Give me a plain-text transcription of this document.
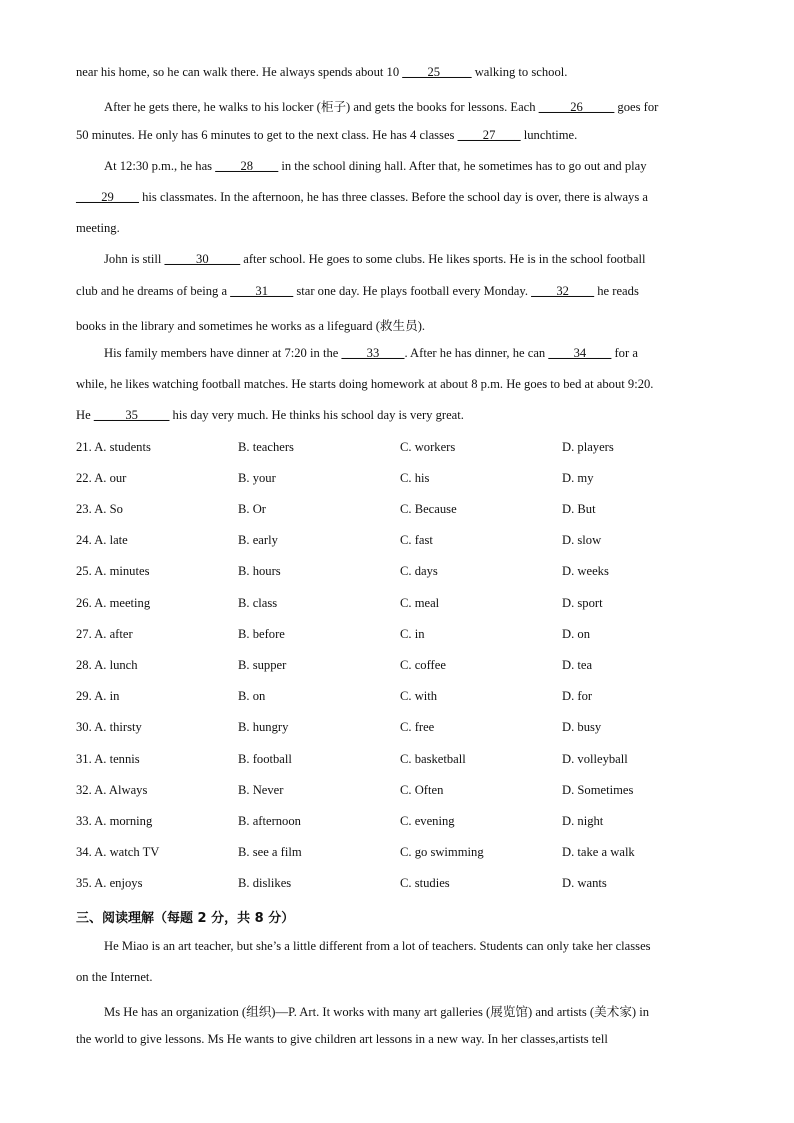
near his home, so he can walk there. He always spends about 10 ____25_____ walking to school.
After he gets there, he walks to his locker (柜子) and gets the books for lessons. Each _____26_____ goes for
50 minutes. He only has 6 minutes to get to the next class. He has 4 classes ____27____ lunchtime.
At 12:30 p.m., he has ____28____ in the school dining hall. After that, he sometimes has to go out and play
____29____ his classmates. In the afternoon, he has three classes. Before the school day is over, there is always a
meeting.
John is still _____30_____ after school. He goes to some clubs. He likes sports. He is in the school football
club and he dreams of being a ____31____ star one day. He plays football every Monday. ____32____ he reads
books in the library and sometimes he works as a lifeguard (救生员).
His family members have dinner at 7:20 in the ____33____. After he has dinner, he can ____34____ for a
while, he likes watching football matches. He starts doing homework at about 8 p.m. He goes to bed at about 9:20.
He _____35_____ his day very much. He thinks his school day is very great.
21. A. students	B. teachers	C. workers	D. players
22. A. our	B. your	C. his	D. my
23. A. So	B. Or	C. Because	D. But
24. A. late	B. early	C. fast	D. slow
25. A. minutes	B. hours	C. days	D. weeks
26. A. meeting	B. class	C. meal	D. sport
27. A. after	B. before	C. in	D. on
28. A. lunch	B. supper	C. coffee	D. tea
29. A. in	B. on	C. with	D. for
30. A. thirsty	B. hungry	C. free	D. busy
31. A. tennis	B. football	C. basketball	D. volleyball
32. A. Always	B. Never	C. Often	D. Sometimes
33. A. morning	B. afternoon	C. evening	D. night
34. A. watch TV	B. see a film	C. go swimming	D. take a walk
35. A. enjoys	B. dislikes	C. studies	D. wants
三、阅读理解（每题 2 分，共 8 分）
He Miao is an art teacher, but she’s a little different from a lot of teachers. Students can only take her classes
on the Internet.
Ms He has an organization (组织)—P. Art. It works with many art galleries (展览馆) and artists (美术家) in
the world to give lessons. Ms He wants to give children art lessons in a new way. In her classes,artists tell
